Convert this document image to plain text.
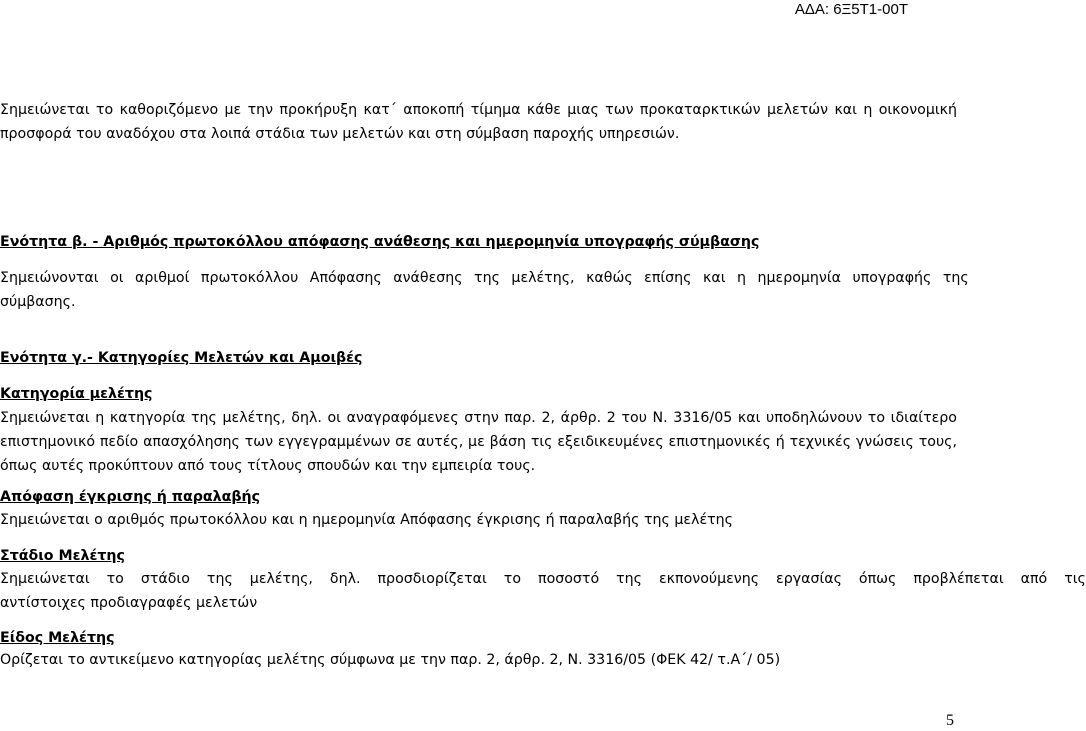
ΑΔΑ: 6Ξ5Τ1-00Τ

Σημειώνεται το καθοριζόμενο με την προκήρυξη κατ΄ αποκοπή τίμημα κάθε μιας των προκαταρκτικών μελετών και η οικονομική προσφορά του αναδόχου στα λοιπά στάδια των μελετών και στη σύμβαση παροχής υπηρεσιών.

Ενότητα β. - Αριθμός πρωτοκόλλου απόφασης ανάθεσης και ημερομηνία υπογραφής σύμβασης
Σημειώνονται οι αριθμοί πρωτοκόλλου Απόφασης ανάθεσης της μελέτης, καθώς επίσης και η ημερομηνία υπογραφής της
σύμβασης.
Ενότητα γ.- Κατηγορίες Μελετών και Αμοιβές
Κατηγορία μελέτης

Σημειώνεται η κατηγορία της μελέτης, δηλ. οι αναγραφόμενες στην παρ. 2, άρθρ. 2 του Ν. 3316/05 και υποδηλώνουν το ιδιαίτερο επιστημονικό πεδίο απασχόλησης των εγγεγραμμένων σε αυτές, με βάση τις εξειδικευμένες επιστημονικές ή τεχνικές γνώσεις τους, όπως αυτές προκύπτουν από τους τίτλους σπουδών και την εμπειρία τους.

Απόφαση έγκρισης ή παραλαβής

Σημειώνεται ο αριθμός πρωτοκόλλου και η ημερομηνία Απόφασης έγκρισης ή παραλαβής της μελέτης

Στάδιο Μελέτης
Σημειώνεται το στάδιο της μελέτης, δηλ. προσδιορίζεται το ποσοστό της εκπονούμενης εργασίας όπως προβλέπεται από τις
αντίστοιχες προδιαγραφές μελετών
Είδος Μελέτης

Ορίζεται το αντικείμενο κατηγορίας μελέτης σύμφωνα με την παρ. 2, άρθρ. 2, Ν. 3316/05 (ΦΕΚ 42/ τ.Α΄/ 05)

5
